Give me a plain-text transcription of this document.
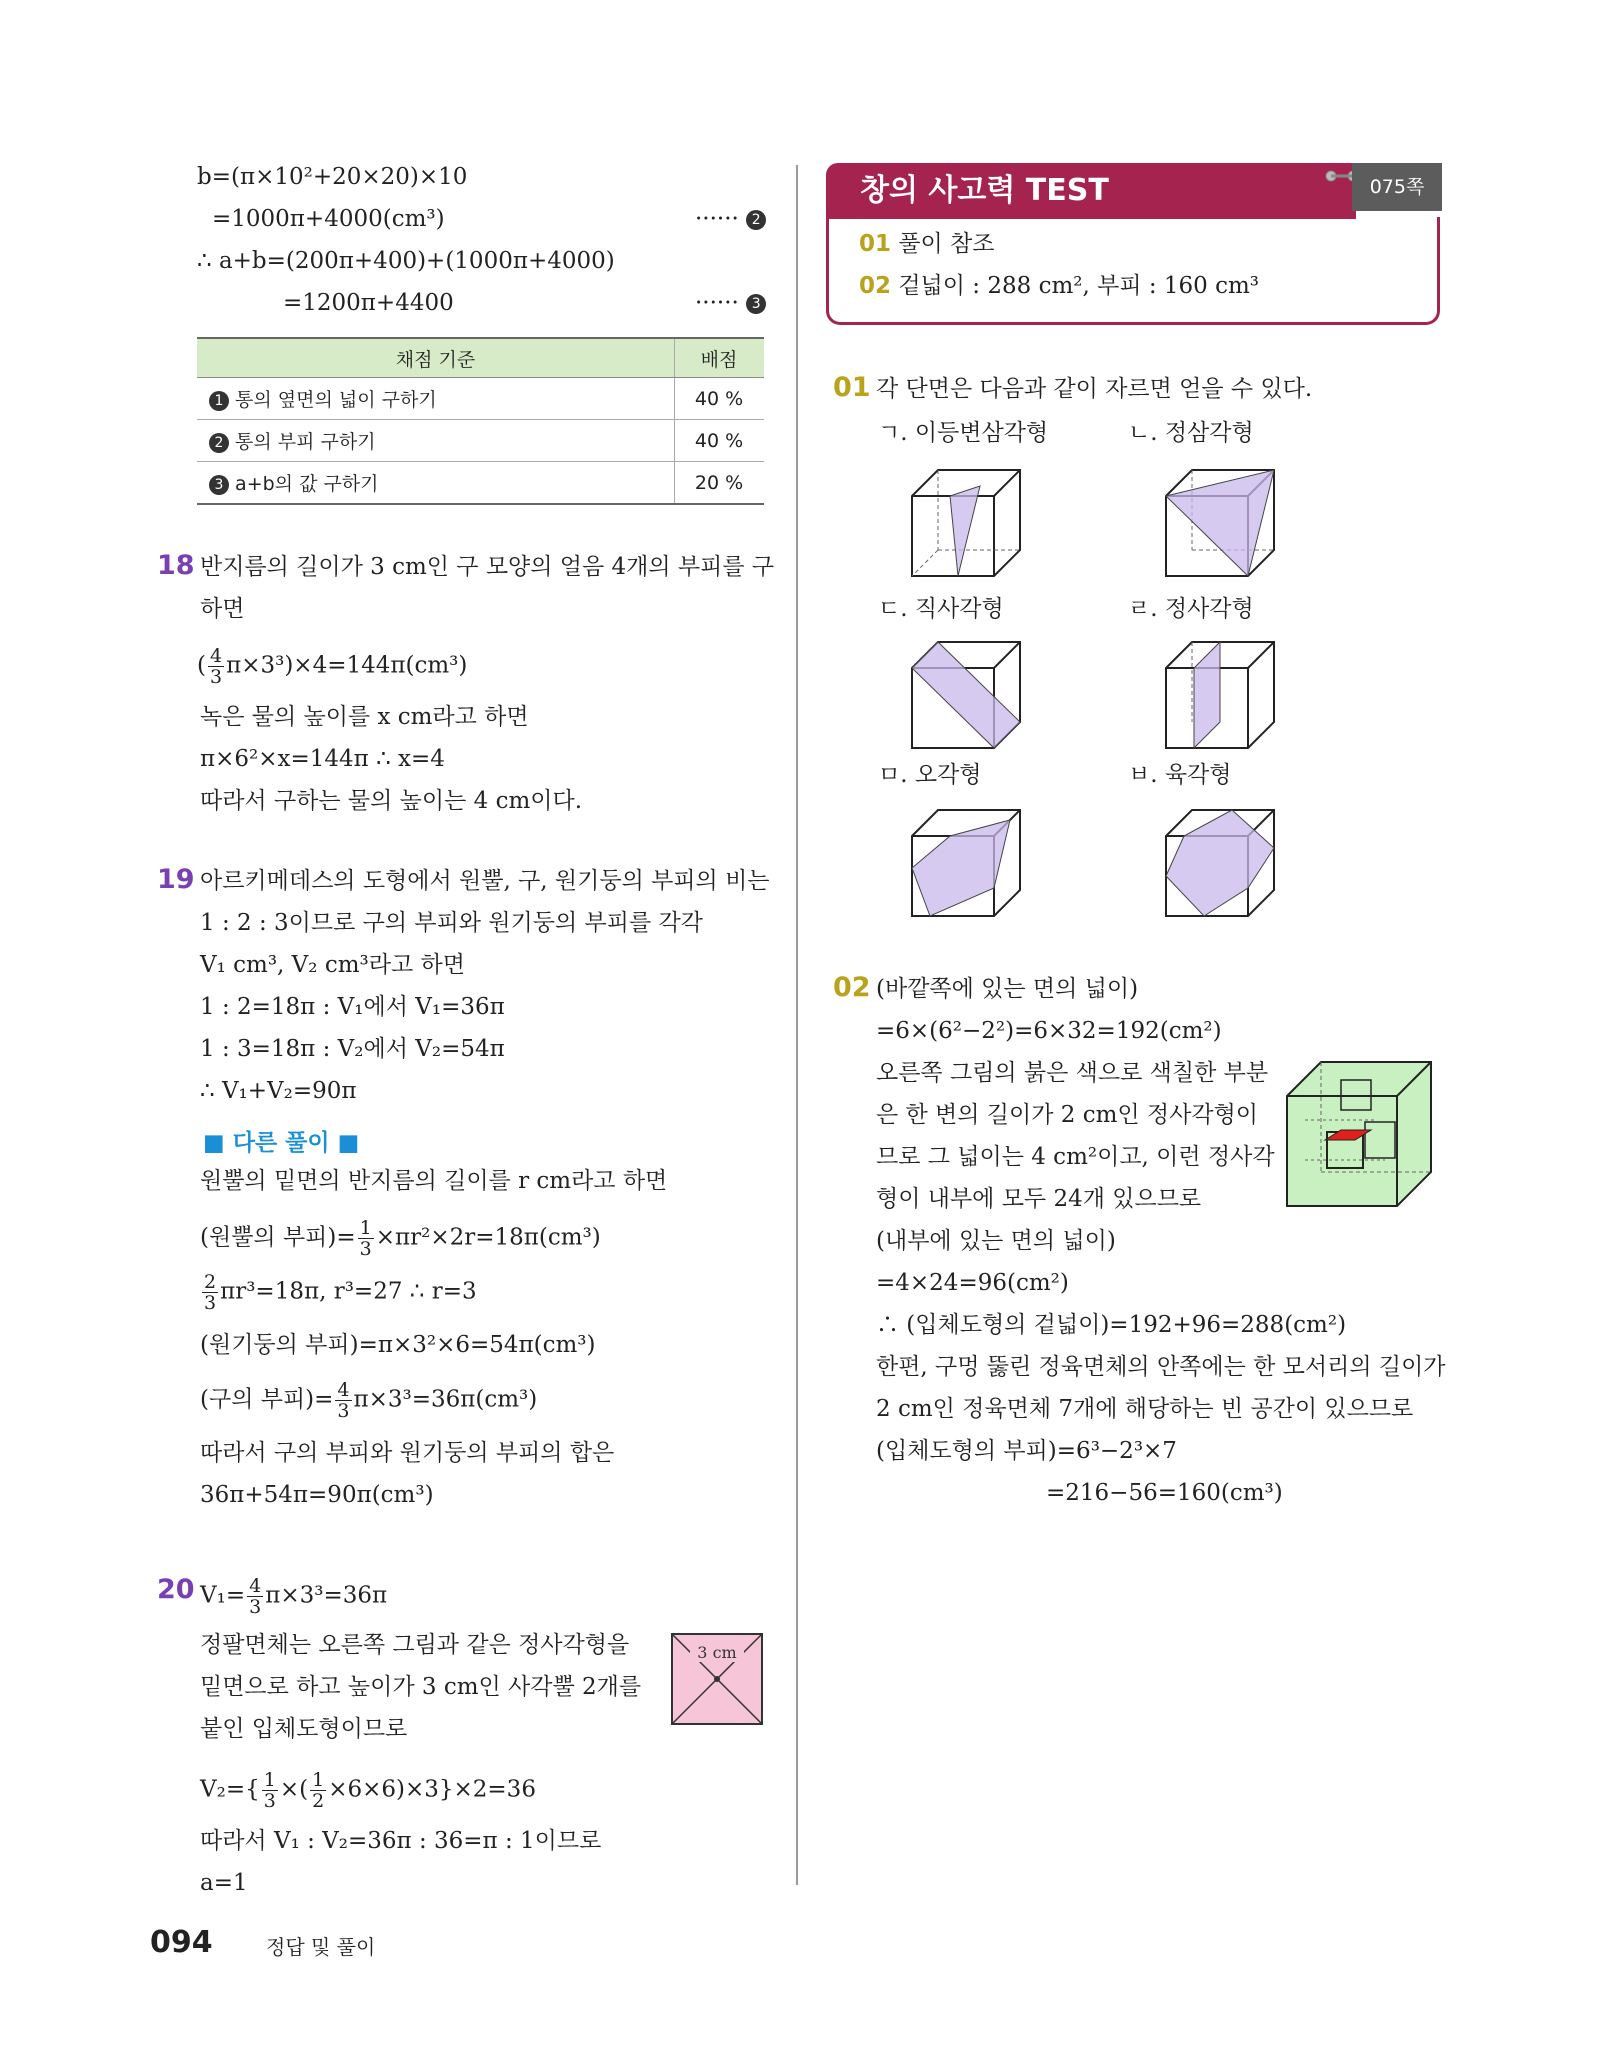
b=(π×10²+20×20)×10
=1000π+4000(cm³)	······ 2
∴ a+b=(200π+400)+(1000π+4000)
=1200π+4400	······ 3
채점 기준	배점
1 통의 옆면의 넓이 구하기	40 %
2 통의 부피 구하기	40 %
3 a+b의 값 구하기	20 %
18 반지름의 길이가 3 cm인 구 모양의 얼음 4개의 부피를 구
하면
( $\frac{4}{3} \pi\times 3^3)\times 4=144\pi(cm^3)$
녹은 물의 높이를 x cm라고 하면
π×6²×x=144π ∴ x=4
따라서 구하는 물의 높이는 4 cm이다.
19 아르키메데스의 도형에서 원뿔, 구, 원기둥의 부피의 비는
1 : 2 : 3이므로 구의 부피와 원기둥의 부피를 각각
V₁ cm³, V₂ cm³라고 하면
1 : 2=18π : V₁에서 V₁=36π
1 : 3=18π : V₂에서 V₂=54π
∴ V₁+V₂=90π
■ 다른 풀이 ■
원뿔의 밑면의 반지름의 길이를 r cm라고 하면
(원뿔의 부피)= $\frac{1}{3} \times\pi r^2\times 2r=18\pi(cm^3)$
$\frac{2}{3} \pi r^3=18\pi$, r³=27 ∴ r=3
(원기둥의 부피)=π×3²×6=54π(cm³)
(구의 부피)= $\frac{4}{3} \pi\times 3^3=36\pi(cm^3)$
따라서 구의 부피와 원기둥의 부피의 합은
36π+54π=90π(cm³)
20 $V_1= \frac{4}{3} \pi\times 3^3=36\pi$
정팔면체는 오른쪽 그림과 같은 정사각형을
밑면으로 하고 높이가 3 cm인 사각뿔 2개를
붙인 입체도형이므로
$V_2=\{ \frac{1}{3}$ ×( $\frac{1}{2} \times 6\times 6)\times 3\}\times 2=36$
따라서 V₁ : V₂=36π : 36=π : 1이므로
a=1
3 cm
창의 사고력 TEST
01 풀이 참조
02 겉넓이 : 288 cm², 부피 : 160 cm³
075쪽
01 각 단면은 다음과 같이 자르면 얻을 수 있다.
ㄱ. 이등변삼각형	ㄴ. 정삼각형
ㄷ. 직사각형	ㄹ. 정사각형
ㅁ. 오각형	ㅂ. 육각형
02 (바깥쪽에 있는 면의 넓이)
=6×(6²−2²)=6×32=192(cm²)
오른쪽 그림의 붉은 색으로 색칠한 부분
은 한 변의 길이가 2 cm인 정사각형이
므로 그 넓이는 4 cm²이고, 이런 정사각
형이 내부에 모두 24개 있으므로
(내부에 있는 면의 넓이)
=4×24=96(cm²)
∴ (입체도형의 겉넓이)=192+96=288(cm²)
한편, 구멍 뚫린 정육면체의 안쪽에는 한 모서리의 길이가
2 cm인 정육면체 7개에 해당하는 빈 공간이 있으므로
(입체도형의 부피)=6³−2³×7
=216−56=160(cm³)
094	정답 및 풀이
